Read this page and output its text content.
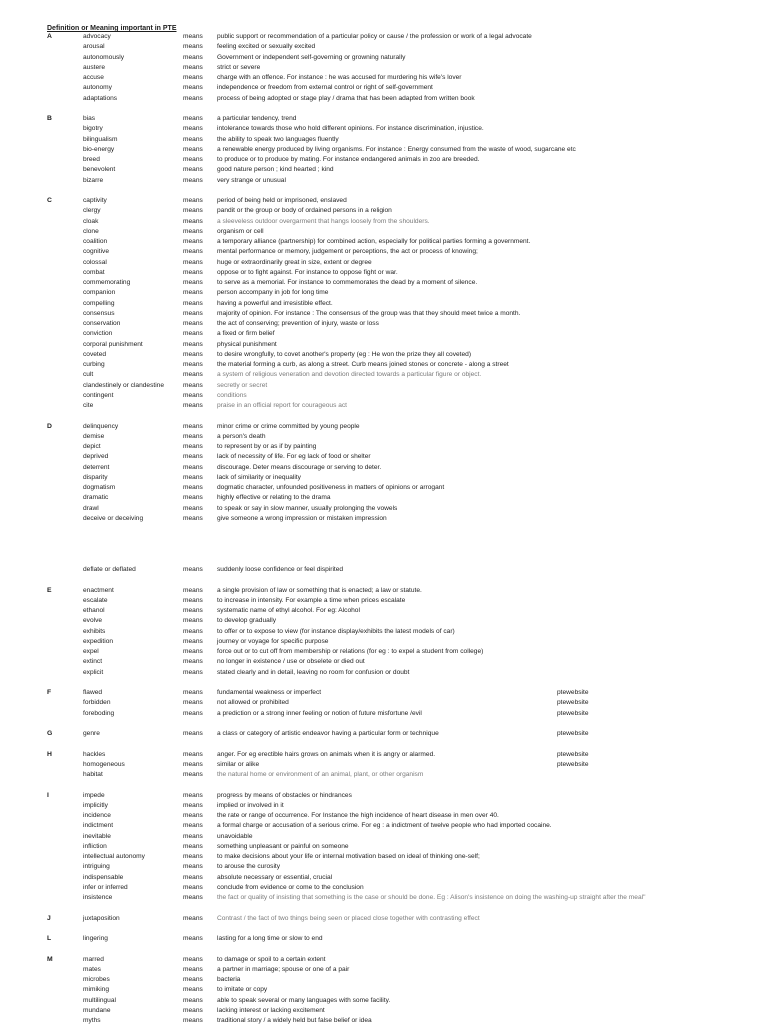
Definition or Meaning important in PTE
A	advocacy	means public support or recommendation of a particular policy or cause / the profession or work of a legal advocate
arousal	means feeling excited or sexually excited
autonomously	means Government or independent self-governing or growning naturally
austere	means strict or severe
accuse	means charge with an offence. For instance : he was accused for murdering his wife's lover
autonomy	means independence or freedom from external control or right of self-government
adaptations	means process of being adopted or stage play / drama that has been adapted from written book
B	bias	means a particular tendency, trend
bigotry	means intolerance towards those who hold different opinions. For instance discrimination, injustice.
bilingualism	means the ability to speak two languages fluently
bio-energy	means a renewable energy produced by living organisms. For instance : Energy consumed from the waste of wood, sugarcane etc
breed	means to produce or to produce by mating. For instance endangered animals in zoo are breeded.
benevolent	means good nature person ; kind hearted ; kind
bizarre	means very strange or unusual
C	captivity	means period of being held or imprisoned, enslaved
clergy	means pandit or the group or body of ordained persons in a religion
cloak	means a sleeveless outdoor overgarment that hangs loosely from the shoulders.
clone	means organism or cell
coalition	means a temporary alliance (partnership) for combined action, especially for political parties forming a government.
cognitive	means mental performance or memory, judgement or perceptions, the act or process of knowing;
colossal	means huge or extraordinarily great in size, extent or degree
combat	means oppose or to fight against. For instance to oppose fight or war.
commemorating	means to serve as a memorial. For instance to commemorates the dead by a moment of silence.
companion	means person accompany in job for long time
compelling	means having a powerful and irresistible effect.
consensus	means majority of opinion. For instance : The consensus of the group was that they should meet twice a month.
conservation	means the act of conserving; prevention of injury, waste or loss
conviction	means a fixed or firm belief
corporal punishment	means physical punishment
coveted	means to desire wrongfully, to covet another's property (eg : He won the prize they all coveted)
curbing	means the material forming a curb, as along a street. Curb means joined stones or concrete - along a street
cult	means a system of religious veneration and devotion directed towards a particular figure or object.
clandestinely or clandestine	means secretly or secret
contingent	means conditions
cite	means praise in an official report for courageous act
D	delinquency	means minor crime or crime committed by young people
demise	means a person's death
depict	means to represent by or as if by painting
deprived	means lack of necessity of life. For eg lack of food or shelter
deterrent	means discourage. Deter means discourage or serving to deter.
disparity	means lack of similarity or inequality
dogmatism	means dogmatic character, unfounded positiveness in matters of opinions or arrogant
dramatic	means highly effective or relating to the drama
drawl	means to speak or say in slow manner, usually prolonging the vowels
deceive or deceiving	means give someone a wrong impression or mistaken impression
deflate or deflated	means suddenly loose confidence or feel dispirited
E	enactment	means a single provision of law or something that is enacted; a law or statute.
escalate	means to increase in intensity. For example a time when prices escalate
ethanol	means systematic name of ethyl alcohol. For eg: Alcohol
evolve	means to develop gradually
exhibits	means to offer or to expose to view (for instance display/exhibits the latest models of car)
expedition	means journey or voyage for specific purpose
expel	means force out or to cut off from membership or relations (for eg : to expel a student from college)
extinct	means no longer in existence / use or obselete or died out
explicit	means stated clearly and in detail, leaving no room for confusion or doubt
F	flawed	means fundamental weakness or imperfect	ptewebsite
forbidden	means not allowed or prohibited	ptewebsite
foreboding	means a prediction or a strong inner feeling or notion of future misfortune /evil	ptewebsite
G	genre	means a class or category of artistic endeavor having a particular form or technique	ptewebsite
H	hackles	means anger. For eg erectible hairs grows on animals when it is angry or alarmed.	ptewebsite
homogeneous	means similar or alike	ptewebsite
habitat	means the natural home or environment of an animal, plant, or other organism
I	impede	means progress by means of obstacles or hindrances
implicitly	means implied or involved in it
incidence	means the rate or range of occurrence. For Instance the high incidence of heart disease in men over 40.
indictment	means a formal charge or accusation of a serious crime. For eg : a indictment of twelve people who had imported cocaine.
inevitable	means unavoidable
infliction	means something unpleasant or painful on someone
intellectual autonomy	means to make decisions about your life or internal motivation based on ideal of thinking one-self;
intriguing	means to arouse the curosity
indispensable	means absolute necessary or essential, crucial
infer or inferred	means conclude from evidence or come to the conclusion
insistence	means the fact or quality of insisting that something is the case or should be done. Eg : Alison's insistence on doing the washing-up straight after the meal"
J	juxtaposition	means Contrast / the fact of two things being seen or placed close together with contrasting effect
L	lingering	means lasting for a long time or slow to end
M	marred	means to damage or spoil to a certain extent
mates	means a partner in marriage; spouse or one of a pair
microbes	means bacteria
mimiking	means to imitate or copy
multilingual	means able to speak several or many languages with some facility.
mundane	means lacking interest or lacking excitement
myths	means traditional story / a widely held but false belief or idea
